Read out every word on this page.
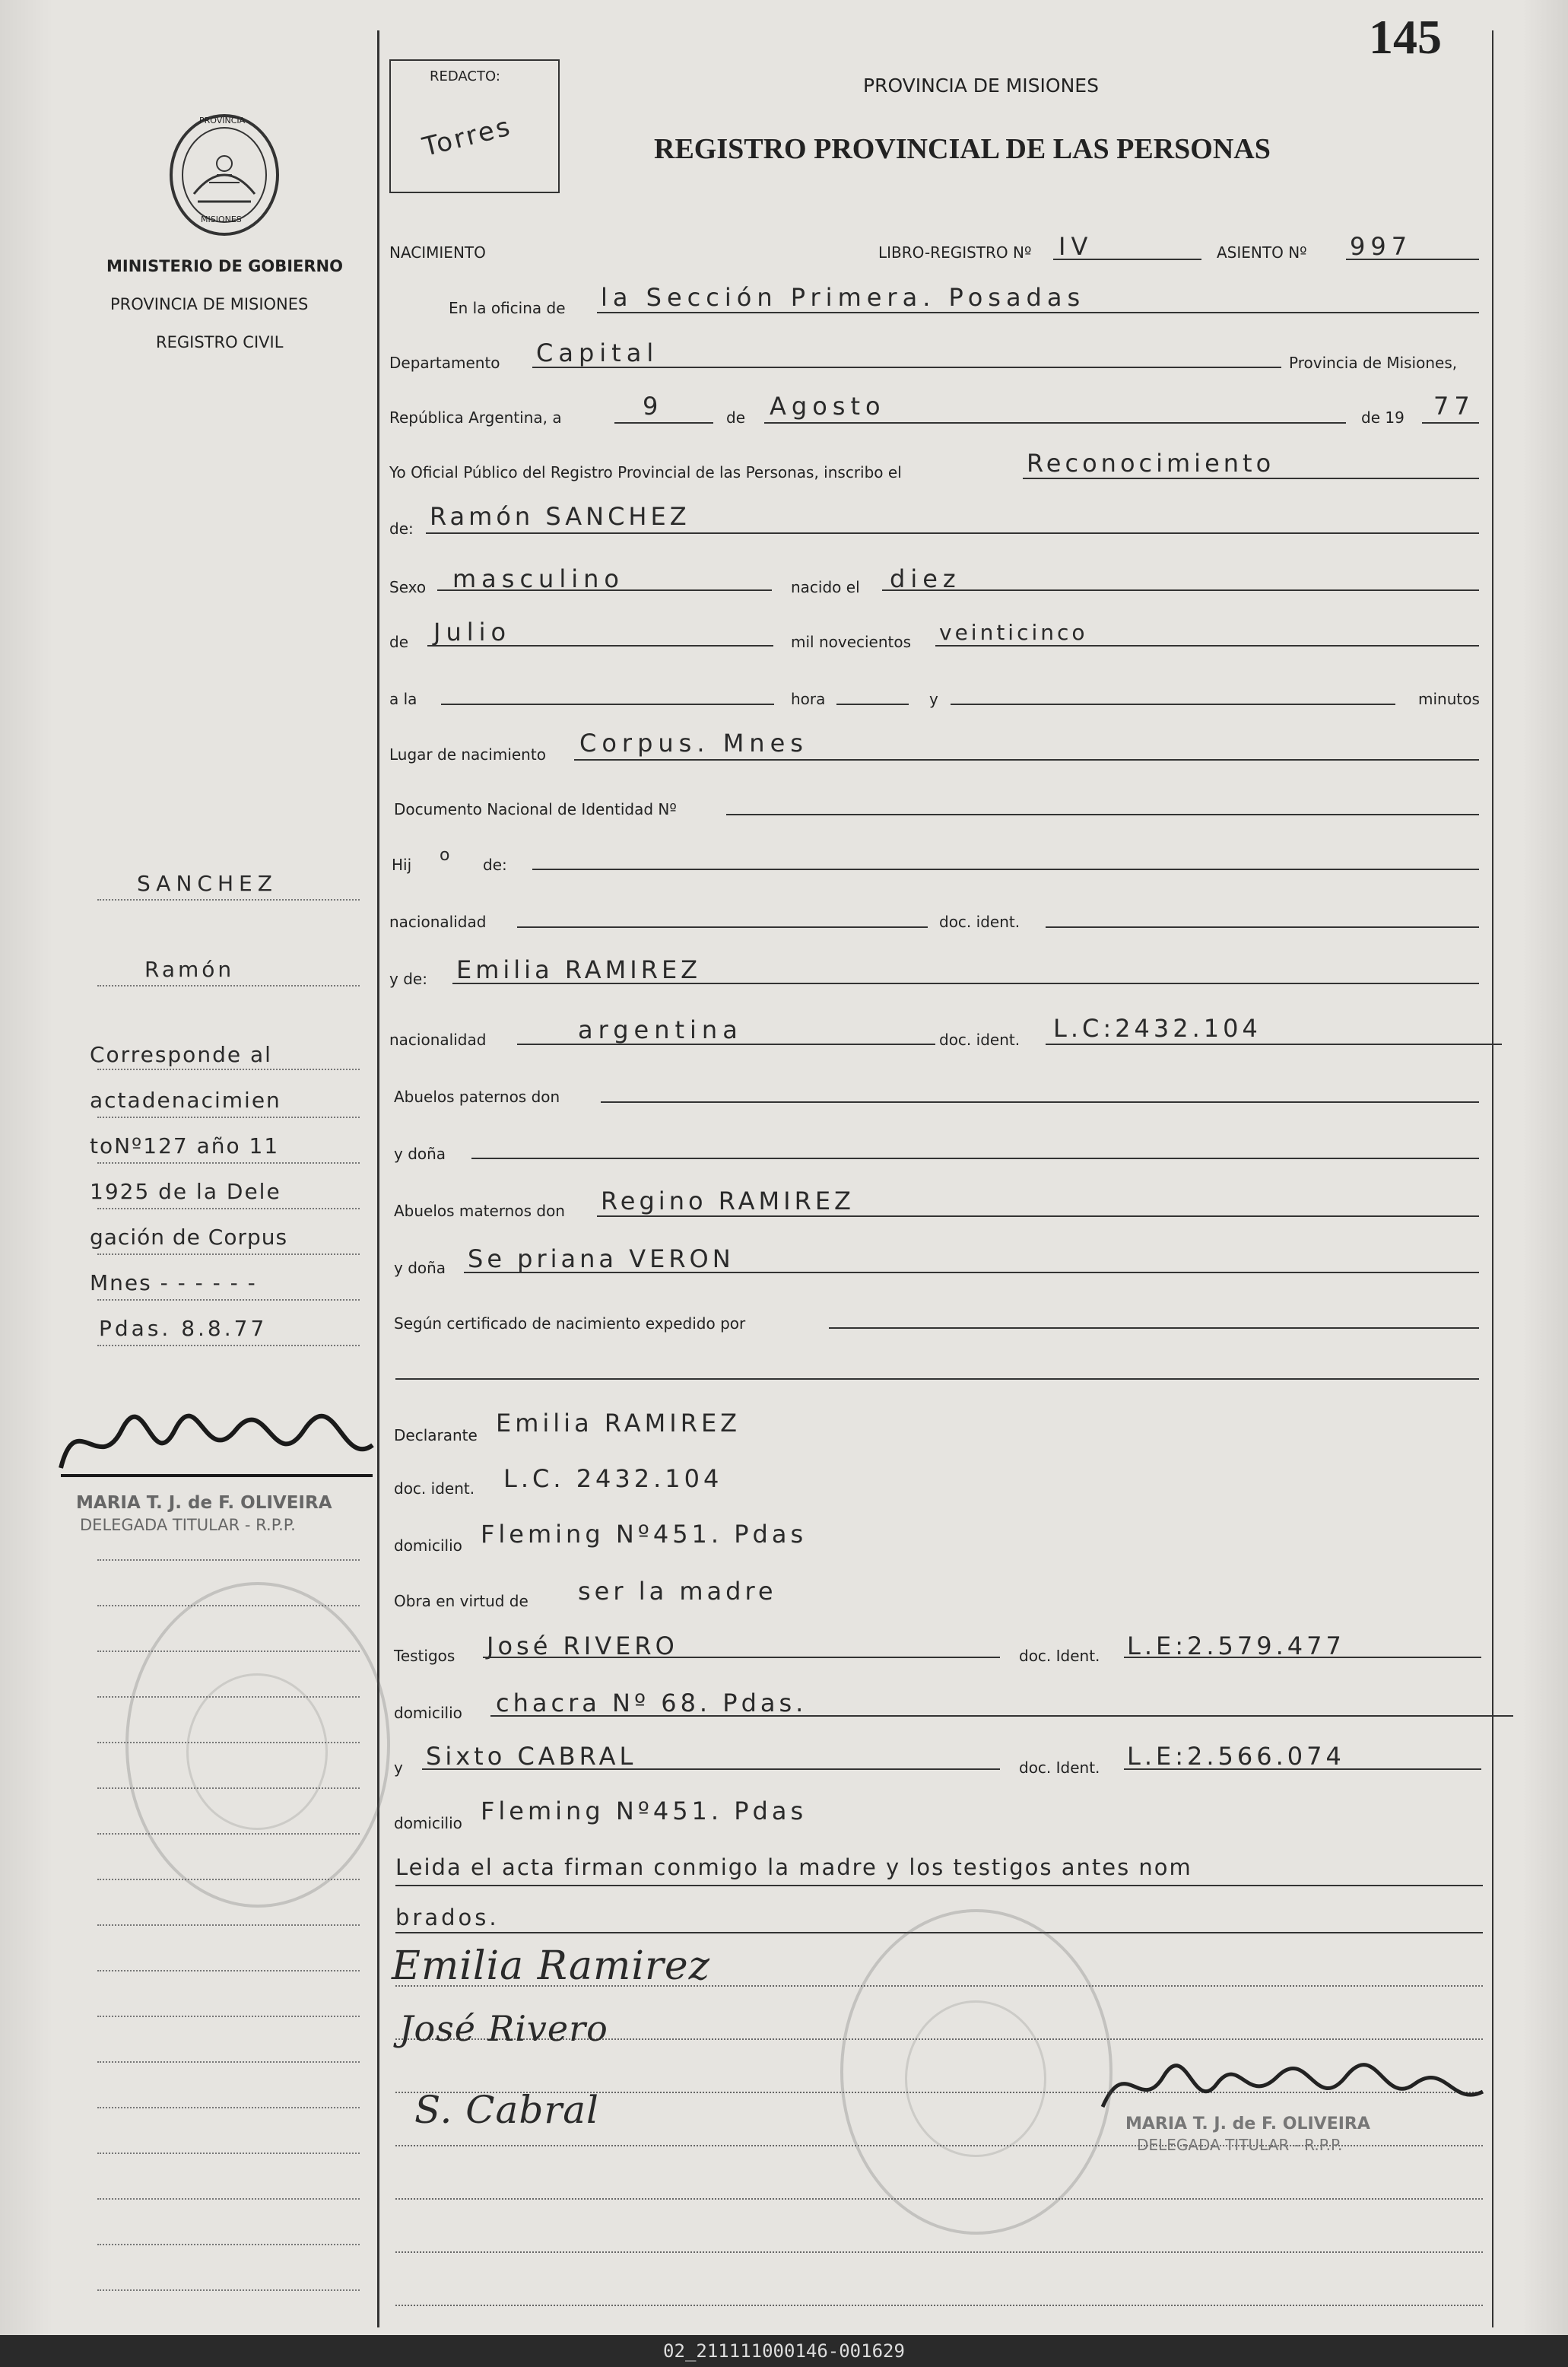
145
PROVINCIA
MISIONES
MINISTERIO DE GOBIERNO
PROVINCIA DE MISIONES
REGISTRO CIVIL
REDACTO:
Torres
PROVINCIA DE MISIONES
REGISTRO PROVINCIAL DE LAS PERSONAS
NACIMIENTO	LIBRO-REGISTRO Nº IV	ASIENTO Nº 997
En la oficina de la Sección Primera. Posadas
Departamento Capital	Provincia de Misiones,
República Argentina, a	9	de Agosto	de 19 77
Yo Oficial Público del Registro Provincial de las Personas, inscribo el	Reconocimiento
de: Ramón SANCHEZ
Sexo masculino	nacido el diez
de Julio	mil novecientos veinticinco
a la	hora	y	minutos
Lugar de nacimiento Corpus. Mnes
Documento Nacional de Identidad Nº
Hij o de:
nacionalidad	doc. ident.
y de: Emilia RAMIREZ
nacionalidad	argentina	doc. ident. L.C:2432.104
Abuelos paternos don
y doña
Abuelos maternos don Regino RAMIREZ
y doña Se priana VERON
Según certificado de nacimiento expedido por
Declarante Emilia RAMIREZ
doc. ident. L.C. 2432.104
domicilio Fleming Nº451. Pdas
Obra en virtud de ser la madre
Testigos José RIVERO	doc. Ident. L.E:2.579.477
domicilio chacra Nº 68. Pdas.
y Sixto CABRAL	doc. Ident. L.E:2.566.074
domicilio Fleming Nº451. Pdas
Leida el acta firman conmigo la madre y los testigos antes nom
brados.
Emilia Ramirez
José Rivero
S. Cabral	MARIA T. J. de F. OLIVEIRA
DELEGADA TITULAR - R.P.P.
SANCHEZ
Ramón
Corresponde al
actadenacimien
toNº127 año 11
1925 de la Dele
gación de Corpus
Mnes - - - - - -
Pdas. 8.8.77
MARIA T. J. de F. OLIVEIRA
DELEGADA TITULAR - R.P.P.
02_211111000146-001629
